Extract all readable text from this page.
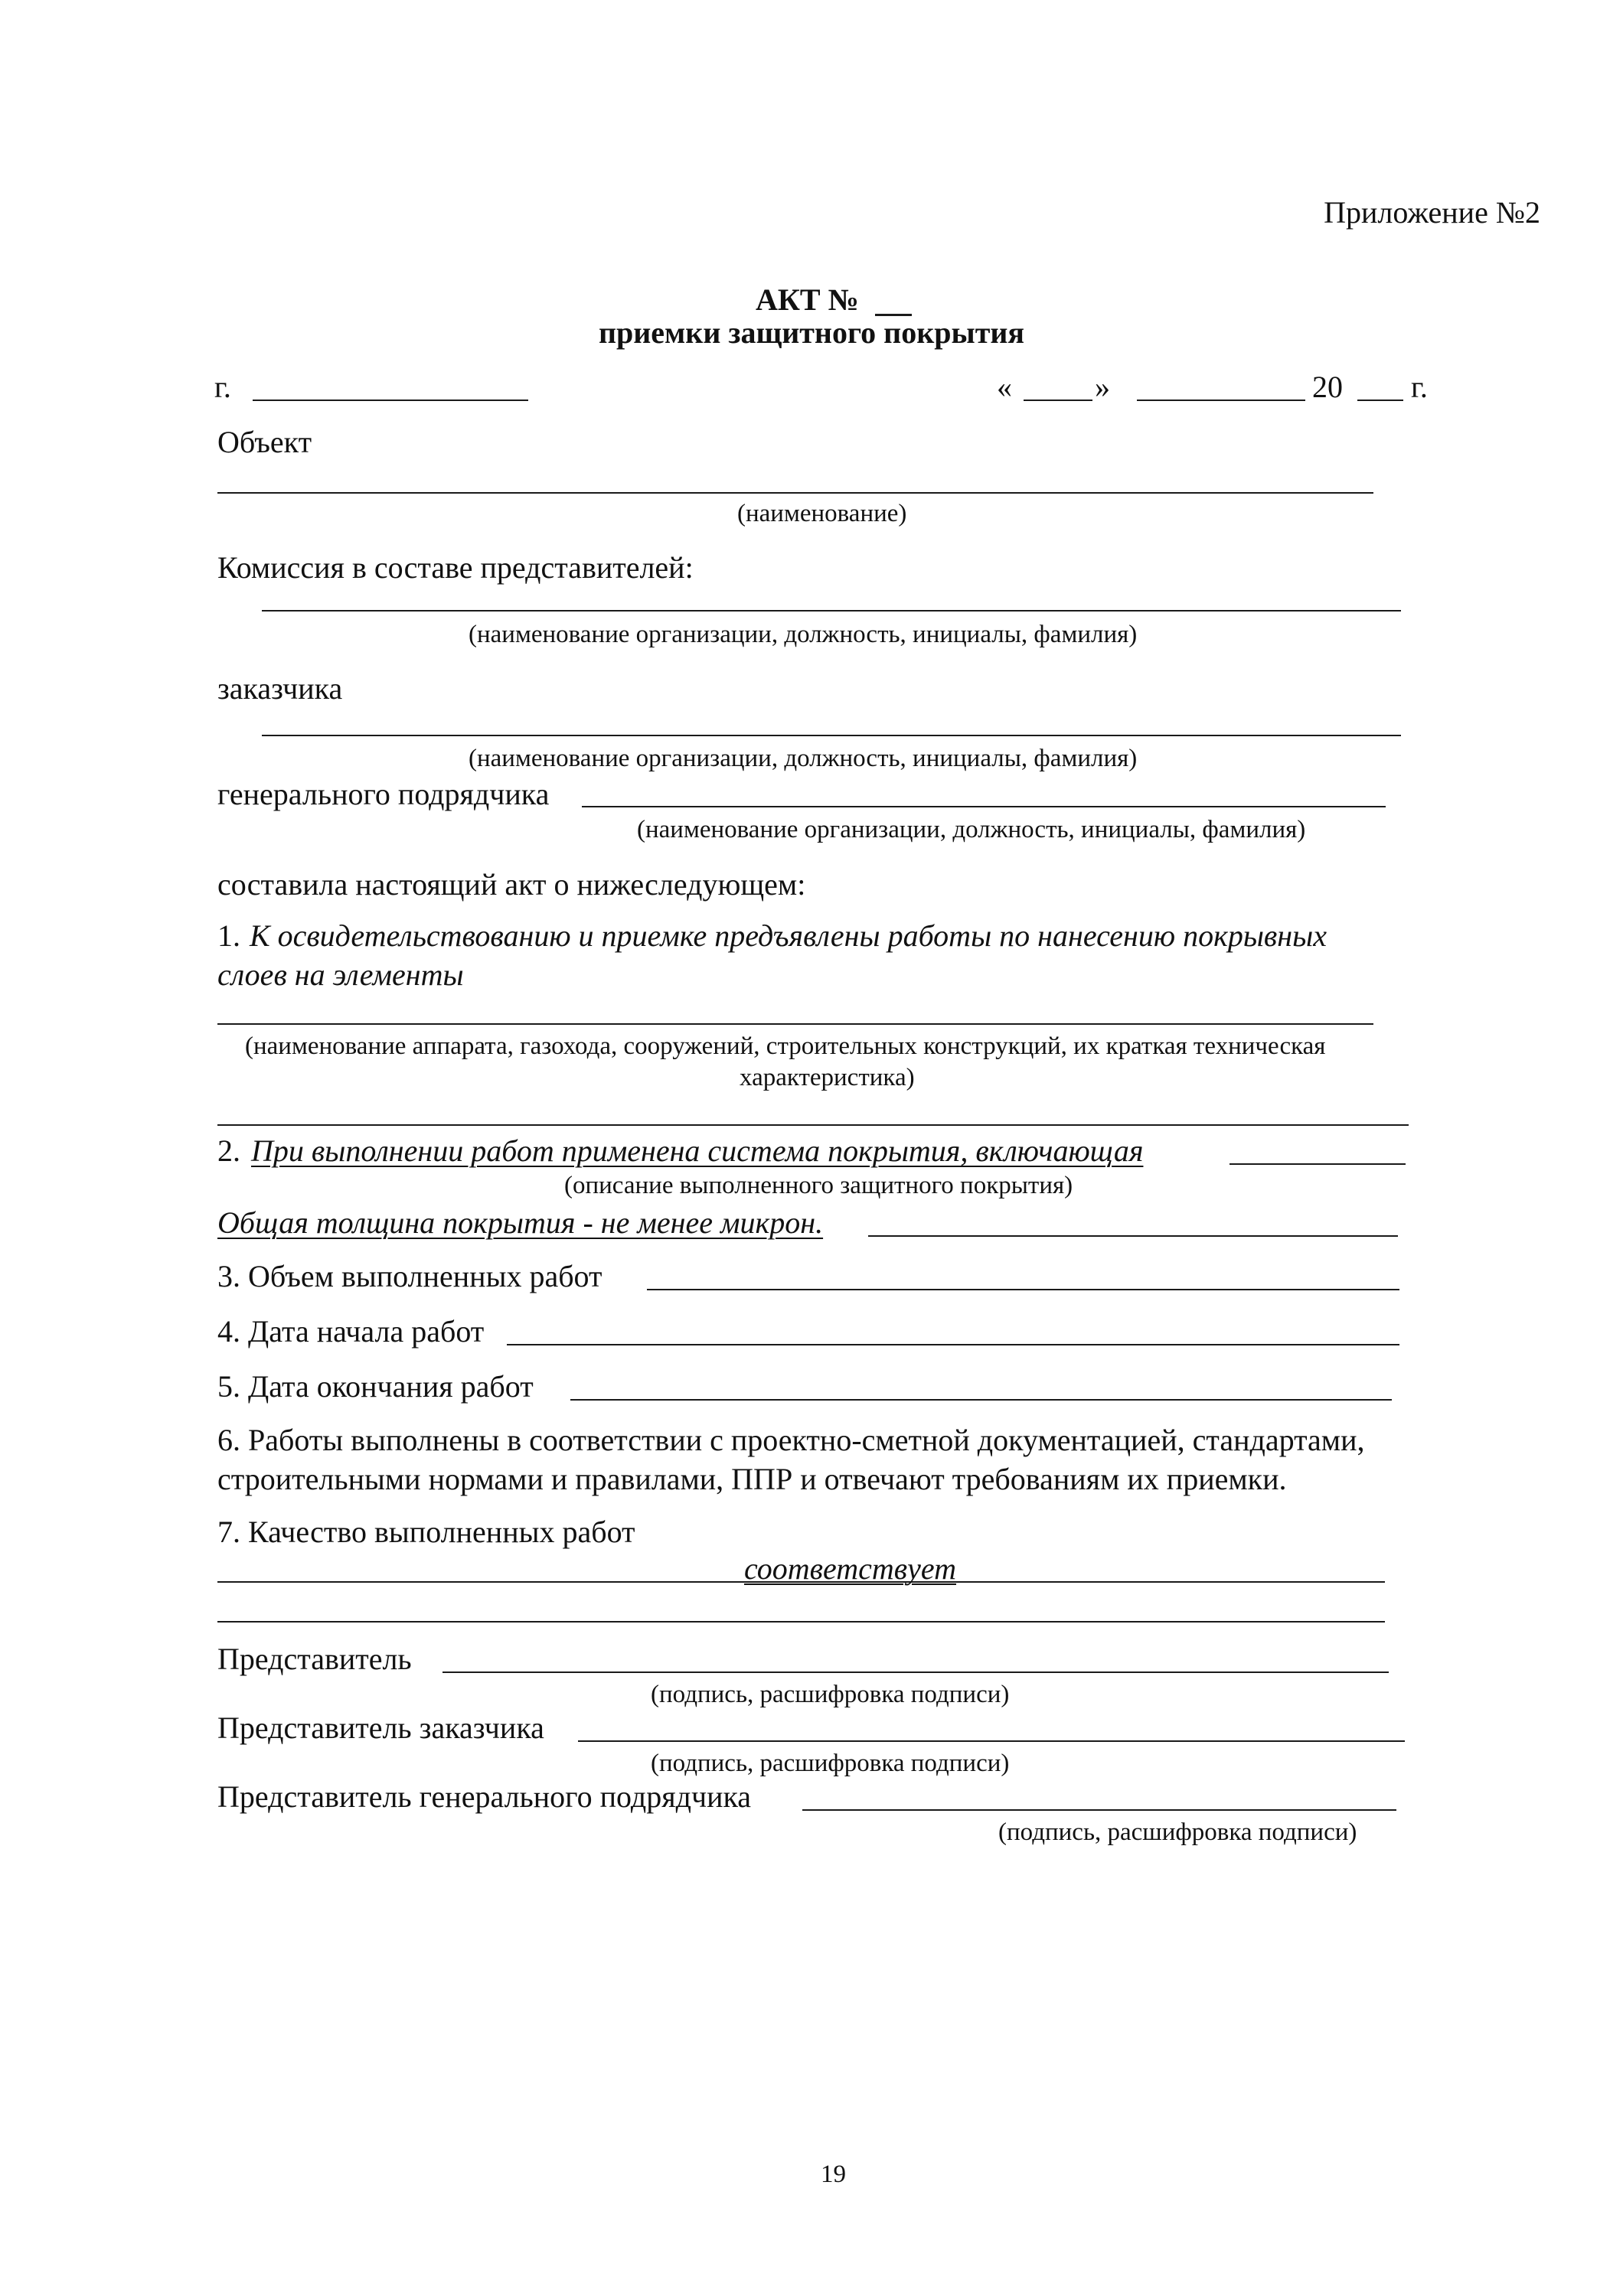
Приложение №2
АКТ №
приемки защитного покрытия
г.	«	»	20 г.
Объект
(наименование)
Комиссия в составе представителей:
(наименование организации, должность, инициалы, фамилия)
заказчика
(наименование организации, должность, инициалы, фамилия)
генерального подрядчика
(наименование организации, должность, инициалы, фамилия)
составила настоящий акт о нижеследующем:
1. К освидетельствованию и приемке предъявлены работы по нанесению покрывных
слоев на элементы
(наименование аппарата, газохода, сооружений, строительных конструкций, их краткая техническая
характеристика)
2. При выполнении работ применена система покрытия, включающая
(описание выполненного защитного покрытия)
Общая толщина покрытия - не менее микрон.
3. Объем выполненных работ
4. Дата начала работ
5. Дата окончания работ
6. Работы выполнены в соответствии с проектно-сметной документацией, стандартами,
строительными нормами и правилами, ППР и отвечают требованиям их приемки.
7. Качество выполненных работ
соответствует
Представитель
(подпись, расшифровка подписи)
Представитель заказчика
(подпись, расшифровка подписи)
Представитель генерального подрядчика
(подпись, расшифровка подписи)
19
